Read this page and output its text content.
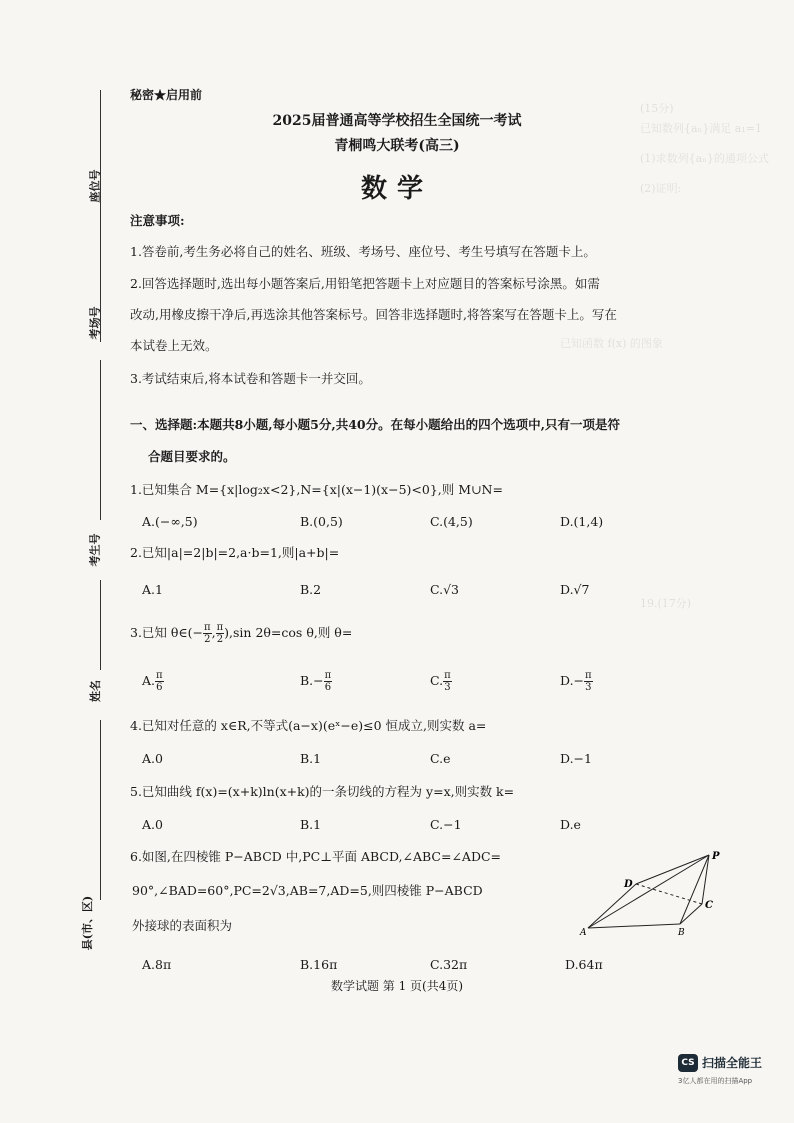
(15分)
已知数列{aₙ}满足 a₁=1
(1)求数列{aₙ}的通项公式
(2)证明:
已知函数 f(x) 的图象
19.(17分)
座位号
考场号
考生号
姓名
县(市、区)
秘密★启用前
2025届普通高等学校招生全国统一考试
青桐鸣大联考(高三)
数学
注意事项:
1.答卷前,考生务必将自己的姓名、班级、考场号、座位号、考生号填写在答题卡上。
2.回答选择题时,选出每小题答案后,用铅笔把答题卡上对应题目的答案标号涂黑。如需
改动,用橡皮擦干净后,再选涂其他答案标号。回答非选择题时,将答案写在答题卡上。写在
本试卷上无效。
3.考试结束后,将本试卷和答题卡一并交回。
一、选择题:本题共8小题,每小题5分,共40分。在每小题给出的四个选项中,只有一项是符
合题目要求的。
1.已知集合 M={x|log₂x<2},N={x|(x−1)(x−5)<0},则 M∪N=
A.(−∞,5)	B.(0,5)	C.(4,5)	D.(1,4)
2.已知|a|=2|b|=2,a·b=1,则|a+b|=
A.1	B.2	C.√3	D.√7
3.已知 θ∈(− $\frac{\pi}{2}$ , $\frac{\pi}{2} ),\sin$ 2θ=cos θ,则 θ=
A. $\frac{\pi}{6}$	$B.- \frac{\pi}{6}$	C. $\frac{\pi}{3}$	$D.- \frac{\pi}{3}$
4.已知对任意的 x∈R,不等式(a−x)(eˣ−e)≤0 恒成立,则实数 a=
A.0	B.1	C.e	D.−1
5.已知曲线 f(x)=(x+k)ln(x+k)的一条切线的方程为 y=x,则实数 k=
A.0	B.1	C.−1	D.e
6.如图,在四棱锥 P−ABCD 中,PC⊥平面 ABCD,∠ABC=∠ADC=
90°,∠BAD=60°,PC=2√3,AB=7,AD=5,则四棱锥 P−ABCD
外接球的表面积为
A.8π	B.16π	C.32π	D.64π
P
D
C
A	B
数学试题 第 1 页(共4页)
CS 扫描全能王
3亿人都在用的扫描App
